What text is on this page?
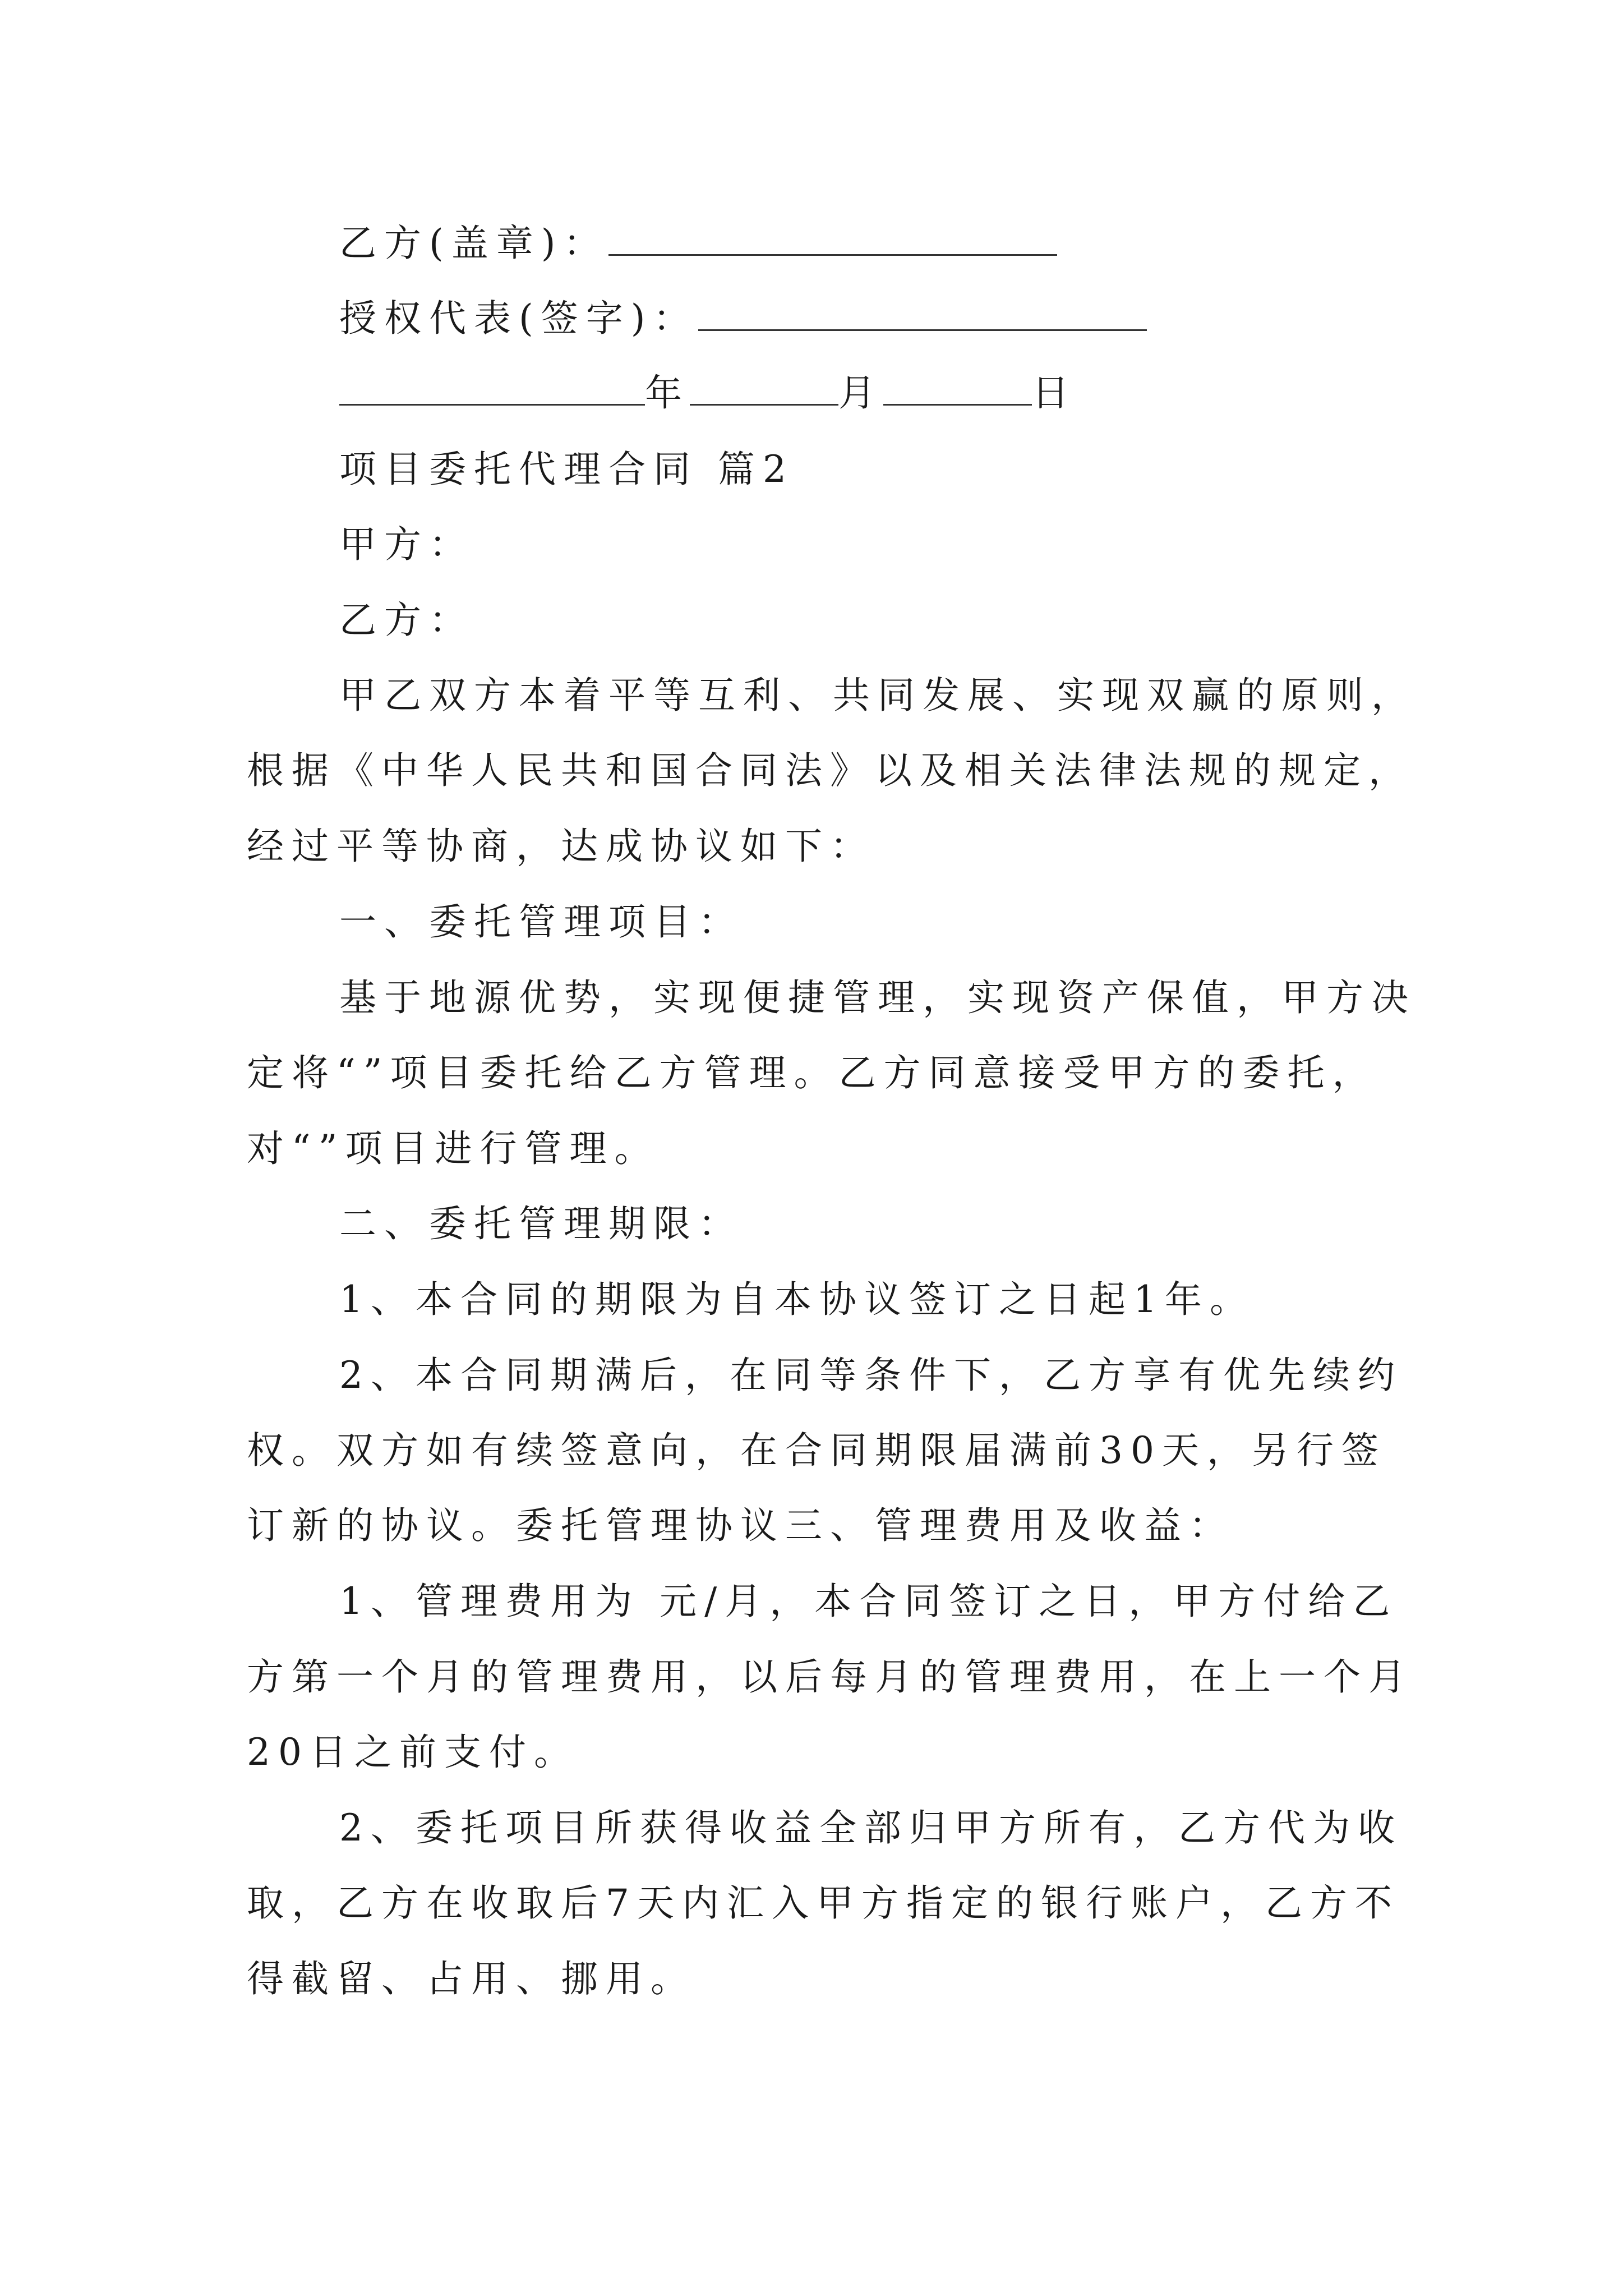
乙方(盖章)：
授权代表(签字)：
年	月	日
项目委托代理合同 篇2
甲方：
乙方：
甲乙双方本着平等互利、共同发展、实现双赢的原则，
根据《中华人民共和国合同法》以及相关法律法规的规定，
经过平等协商，达成协议如下：
一、委托管理项目：
基于地源优势，实现便捷管理，实现资产保值，甲方决
定将“”项目委托给乙方管理。乙方同意接受甲方的委托，
对“”项目进行管理。
二、委托管理期限：
1、本合同的期限为自本协议签订之日起1年。
2、本合同期满后，在同等条件下，乙方享有优先续约
权。双方如有续签意向，在合同期限届满前30天，另行签
订新的协议。委托管理协议三、管理费用及收益：
1、管理费用为 元/月，本合同签订之日，甲方付给乙
方第一个月的管理费用，以后每月的管理费用，在上一个月
20日之前支付。
2、委托项目所获得收益全部归甲方所有，乙方代为收
取，乙方在收取后7天内汇入甲方指定的银行账户，乙方不
得截留、占用、挪用。
